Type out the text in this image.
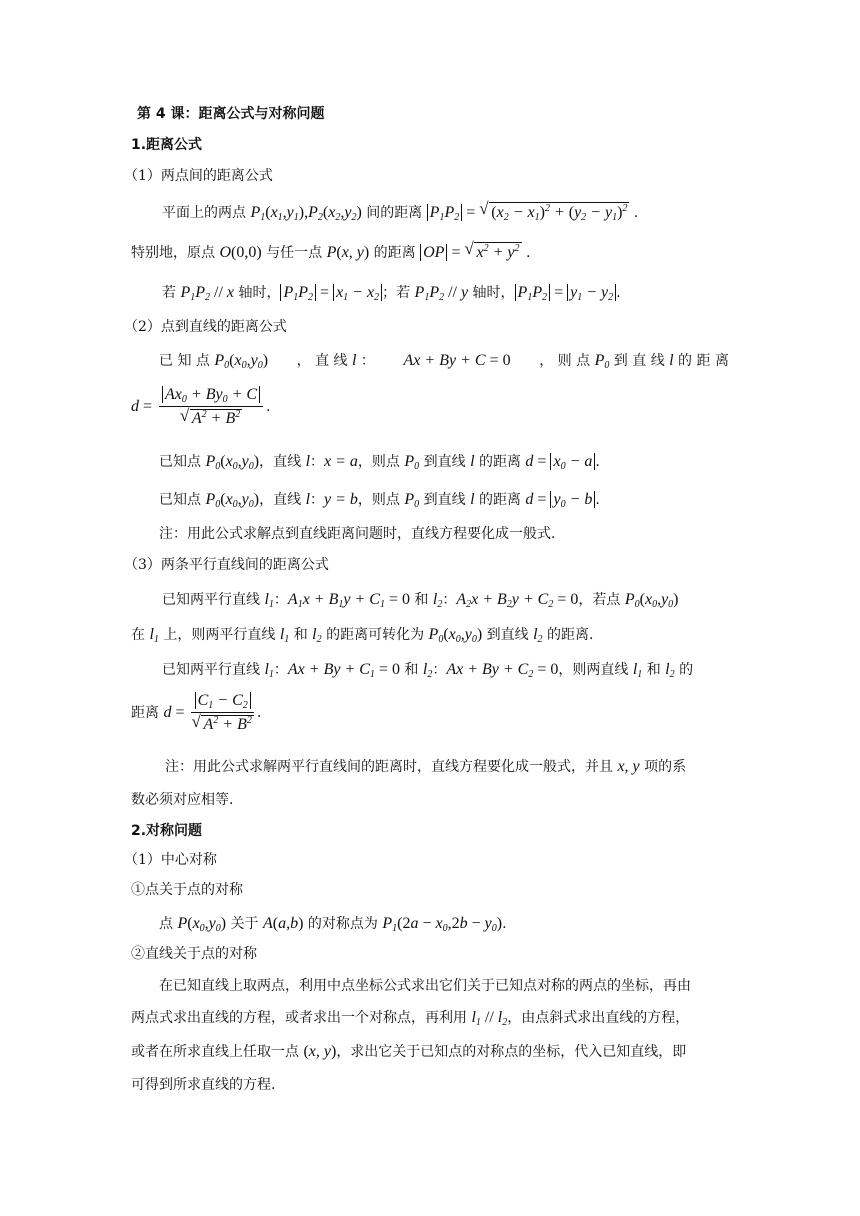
第 4 课：距离公式与对称问题
1.距离公式
（1）两点间的距离公式
平面上的两点 $P_1(x_1,y_1),P_2(x_2,y_2)$ 间的距离 $P_1P_2$ = √ $(x_2 - x_1)^2 + (y_2 - y_1)^2$ .
特别地，原点 O(0,0) 与任一点 P(x, y) 的距离 OP = √ $x^2 + y^2$ .
若 $P_1P_2$ // x 轴时， $P_1P_2 = x_1 - x_2$ ；若 $P_1P_2$ // y 轴时， $P_1P_2 = y_1 - y_2$ .
（2）点到直线的距离公式
已 知 点 $P_0(x_0,y_0)$ ， 直 线 l ： Ax + By + C = 0 ， 则 点 $P_0$ 到 直 线 l 的 距 离
$d = \frac{Ax_0 + By_0 + C}{√ A^2 + B^2}$ .
已知点 $P_0(x_0,y_0)$，直线 l：x = a，则点 $P_0$ 到直线 l 的距离 $d = x_0 - a$ .
已知点 $P_0(x_0,y_0)$，直线 l：y = b，则点 $P_0$ 到直线 l 的距离 $d = y_0 - b$ .
注：用此公式求解点到直线距离问题时，直线方程要化成一般式.
（3）两条平行直线间的距离公式
已知两平行直线 $l_1$：$A_1x + B_1y + C_1 = 0$ 和 $l_2$：$A_2x + B_2y + C_2 = 0$，若点 $P_0(x_0,y_0)$
在 $l_1$ 上，则两平行直线 $l_1$ 和 $l_2$ 的距离可转化为 $P_0(x_0,y_0)$ 到直线 $l_2$ 的距离.
已知两平行直线 $l_1$：$Ax + By + C_1 = 0$ 和 $l_2$：$Ax + By + C_2 = 0$，则两直线 $l_1$ 和 $l_2$ 的
距离 $d = \frac{C_1 - C_2}{√ A^2 + B^2}$ .
注：用此公式求解两平行直线间的距离时，直线方程要化成一般式，并且 x, y 项的系
数必须对应相等.
2.对称问题
（1）中心对称
①点关于点的对称
点 $P(x_0,y_0)$ 关于 A(a,b) 的对称点为 $P_1(2a - x_0,2b - y_0)$.
②直线关于点的对称
在已知直线上取两点，利用中点坐标公式求出它们关于已知点对称的两点的坐标，再由
两点式求出直线的方程，或者求出一个对称点，再利用 $l_1 // l_2$，由点斜式求出直线的方程，
或者在所求直线上任取一点 (x, y)，求出它关于已知点的对称点的坐标，代入已知直线，即
可得到所求直线的方程.
